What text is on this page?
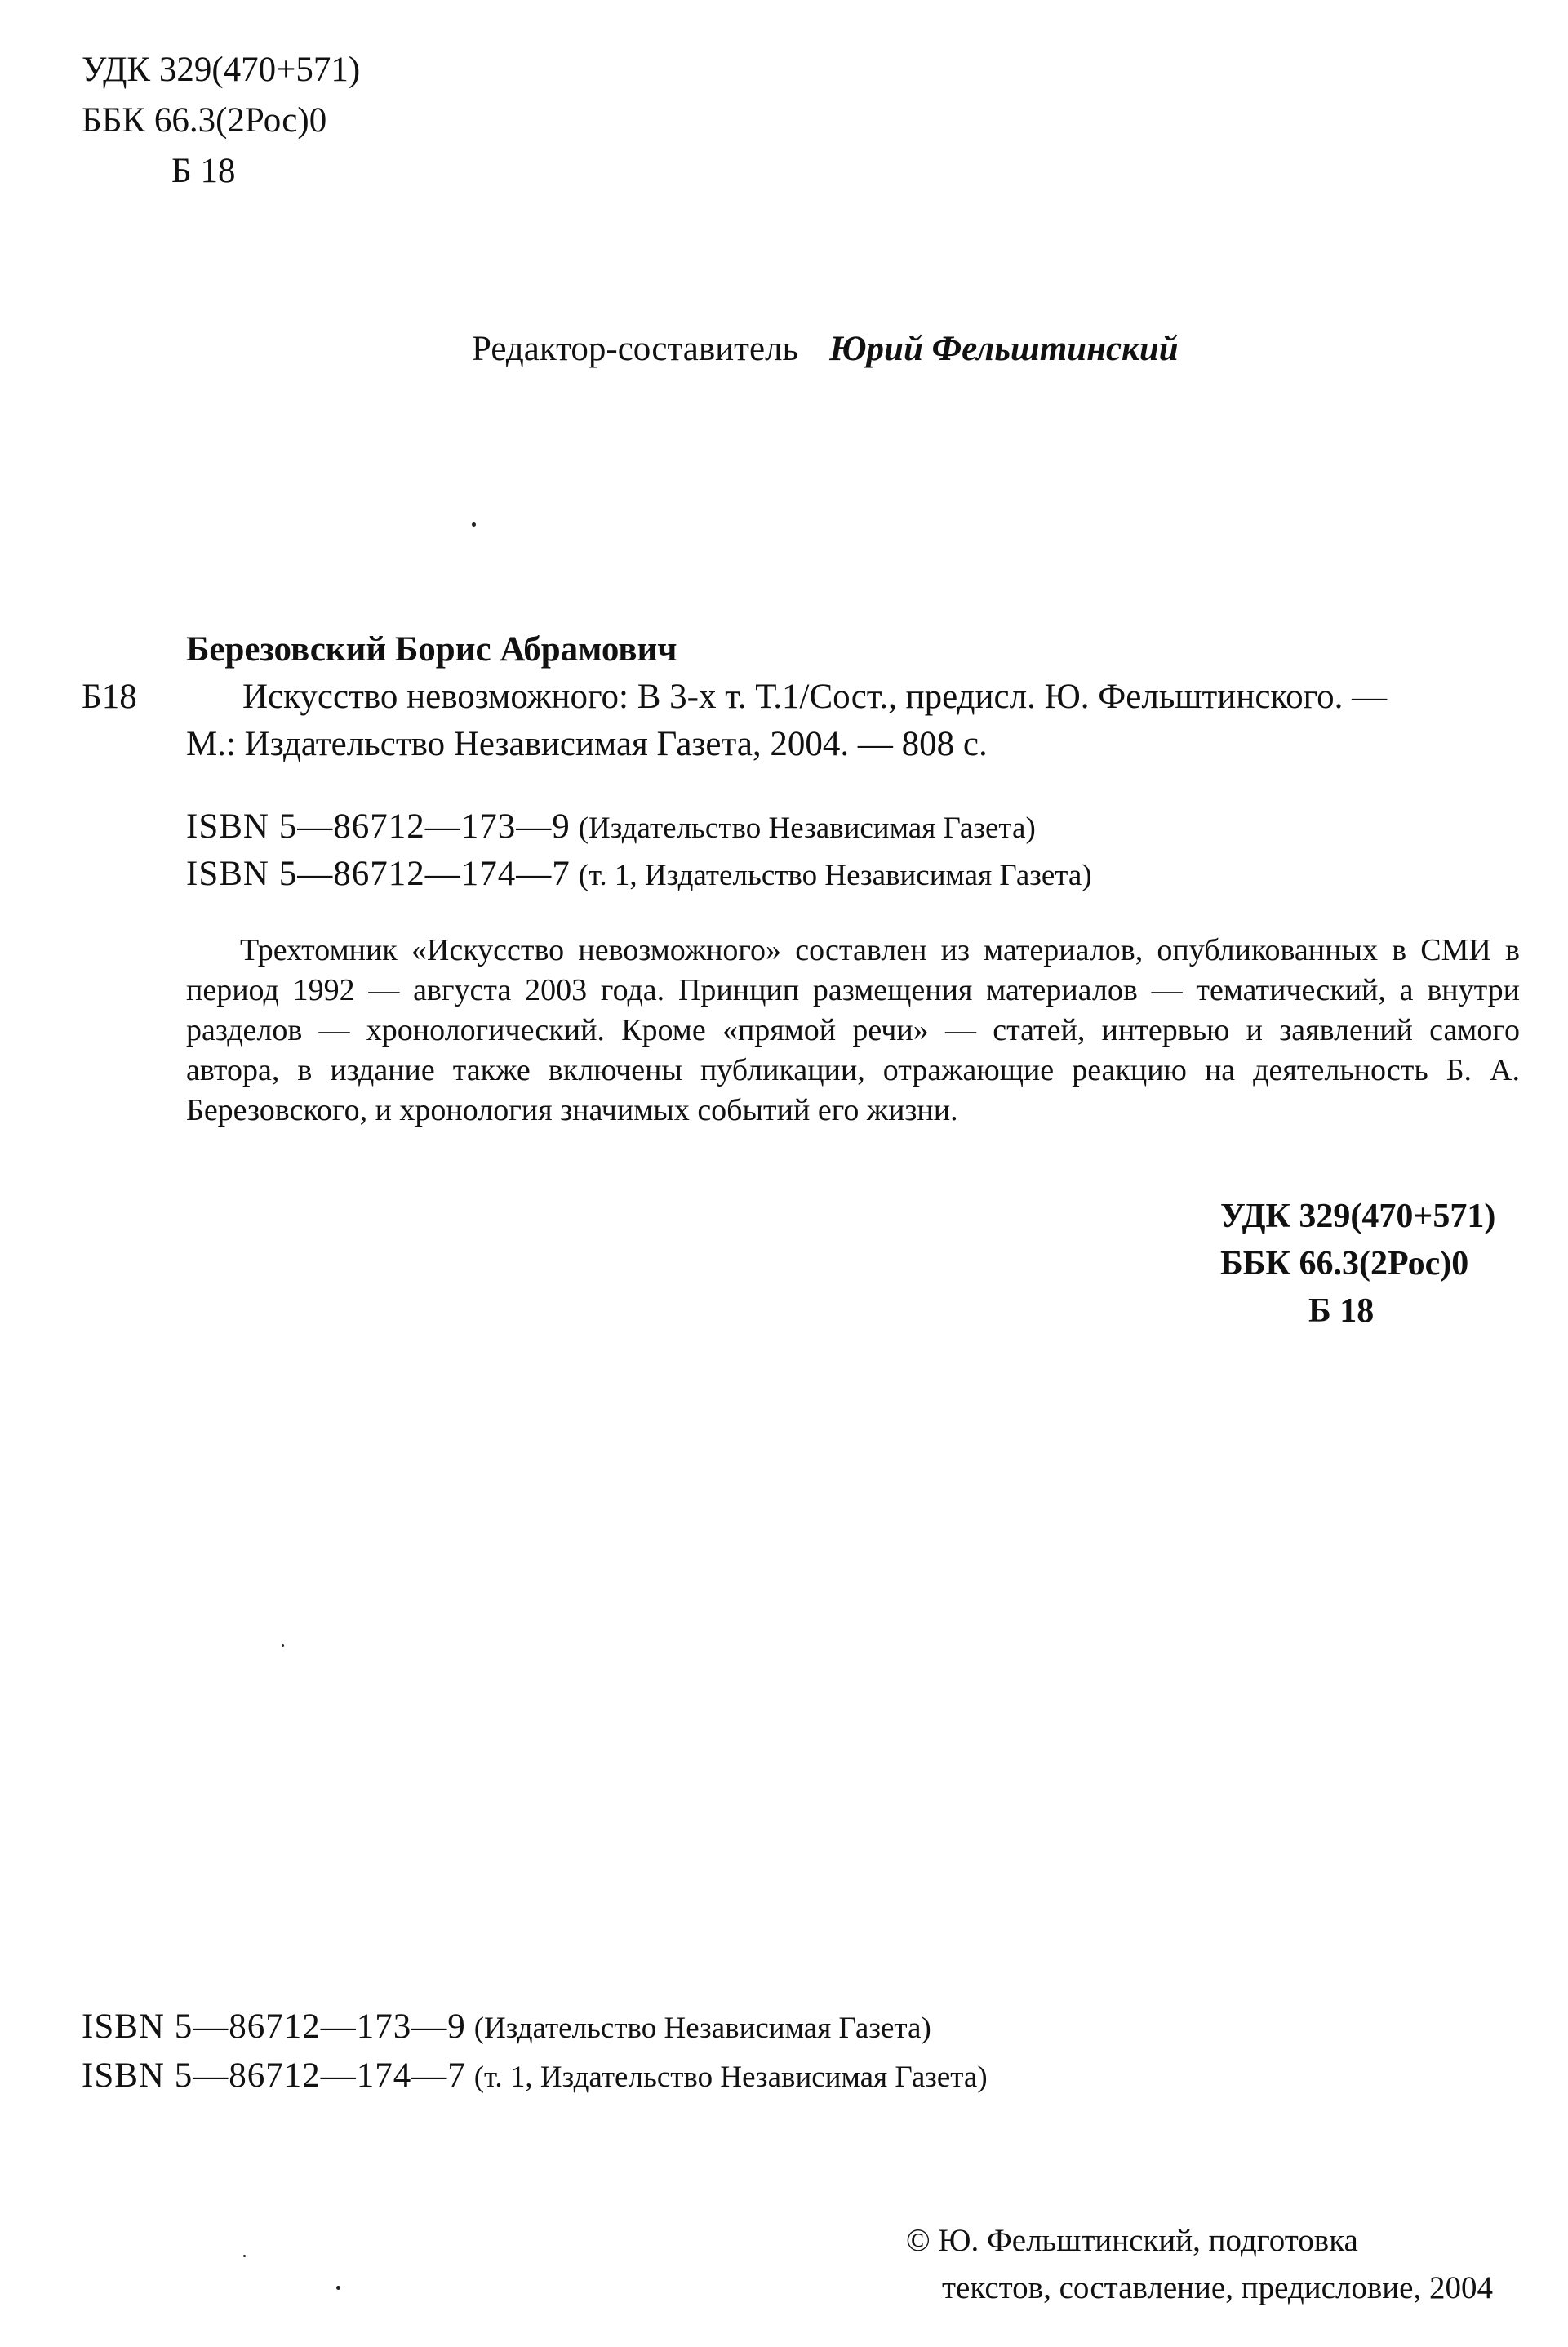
УДК 329(470+571)
ББК 66.3(2Рос)0
Б 18
Редактор-составитель Юрий Фельштинский
Березовский Борис Абрамович
Б18	Искусство невозможного: В 3-х т. Т.1/Сост., предисл. Ю. Фельштинского. —
М.: Издательство Независимая Газета, 2004. — 808 с.
ISBN 5—86712—173—9 (Издательство Независимая Газета)
ISBN 5—86712—174—7 (т. 1, Издательство Независимая Газета)

Трехтомник «Искусство невозможного» составлен из материалов, опубликованных в СМИ в период 1992 — августа 2003 года. Принцип размещения материалов — тематический, а внутри разделов — хронологический. Кроме «прямой речи» — статей, интервью и заявлений самого автора, в издание также включены публикации, отражающие реакцию на деятельность Б. А. Березовского, и хронология значимых событий его жизни.

УДК 329(470+571)
ББК 66.3(2Рос)0
Б 18
ISBN 5—86712—173—9 (Издательство Независимая Газета)
ISBN 5—86712—174—7 (т. 1, Издательство Независимая Газета)
© Ю. Фельштинский, подготовка
текстов, составление, предисловие, 2004
